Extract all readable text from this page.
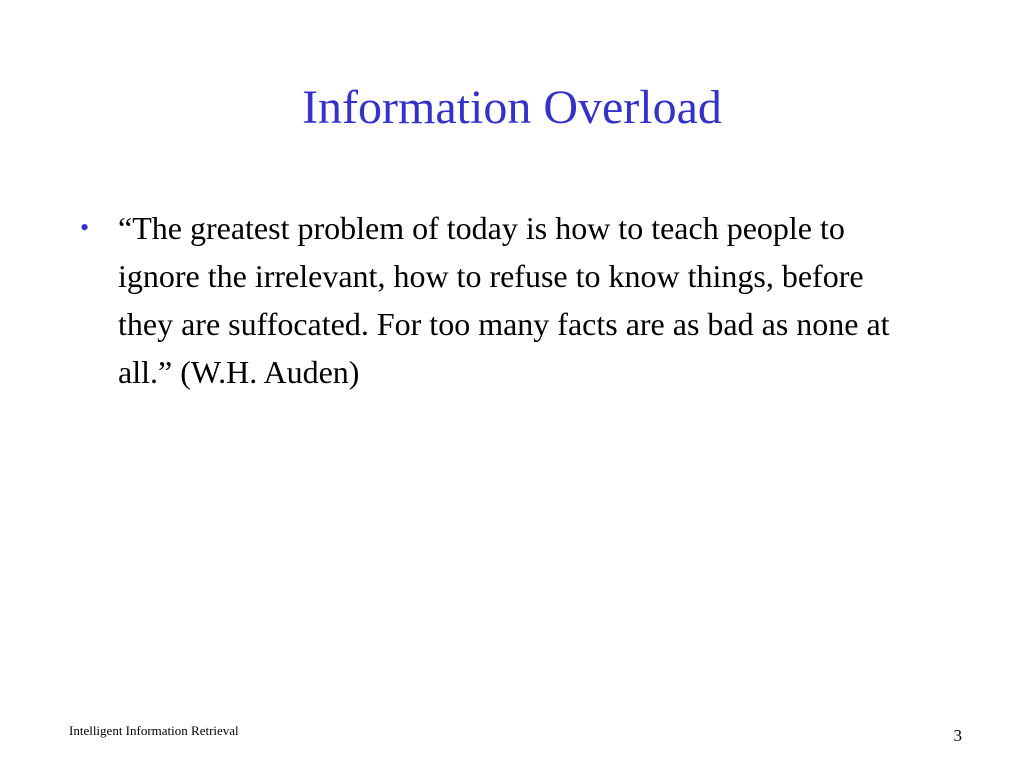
Information Overload
• “The greatest problem of today is how to teach people to ignore the irrelevant, how to refuse to know things, before they are suffocated. For too many facts are as bad as none at all.” (W.H. Auden)
Intelligent Information Retrieval	3
